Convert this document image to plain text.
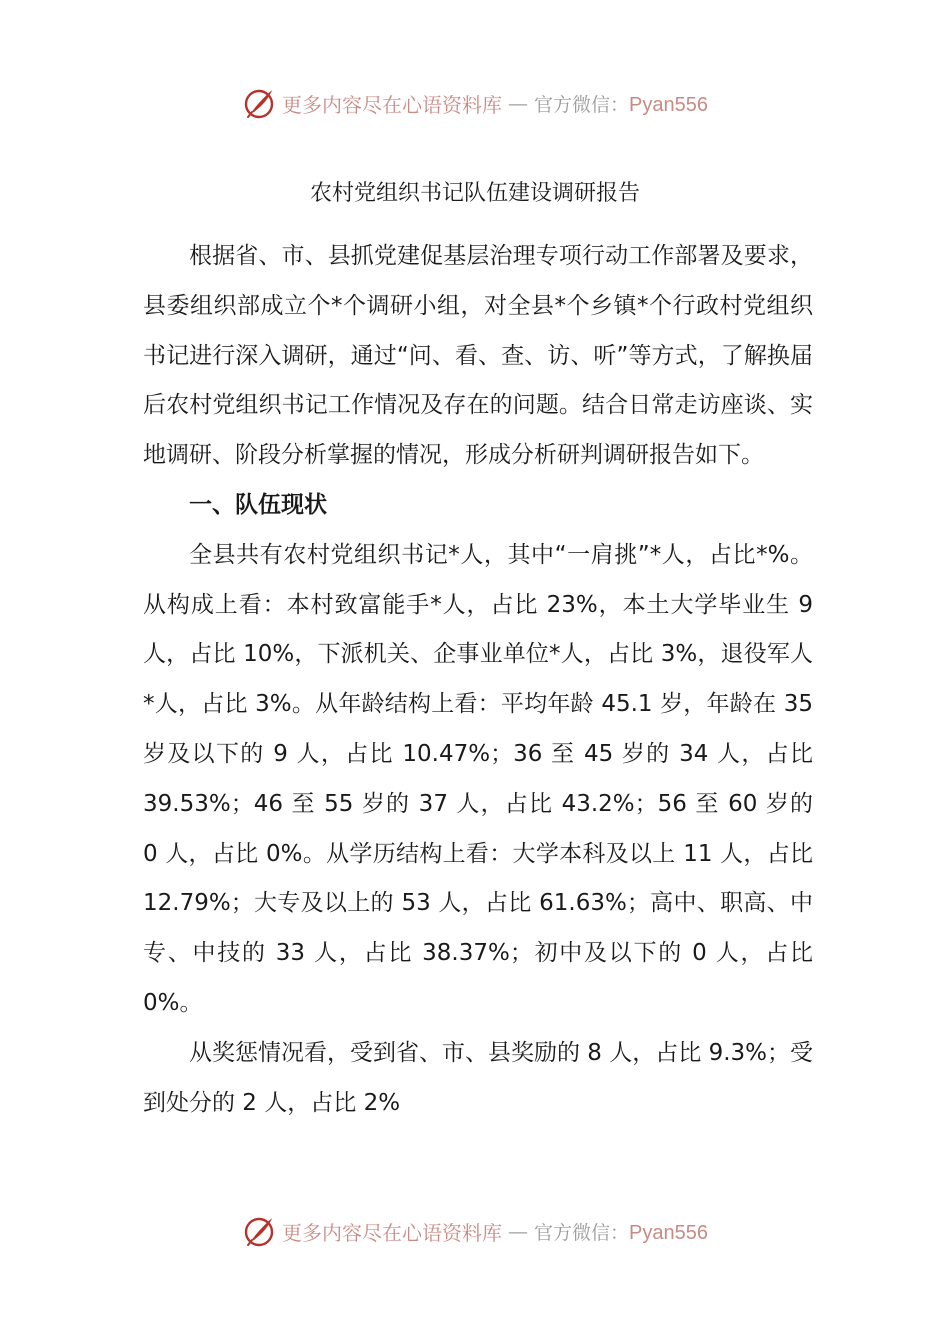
更多内容尽在心语资料库 — 官方微信：Pyan556
农村党组织书记队伍建设调研报告

根据省、市、县抓党建促基层治理专项行动工作部署及要求，县委组织部成立个*个调研小组，对全县*个乡镇*个行政村党组织书记进行深入调研，通过“问、看、查、访、听”等方式，了解换届后农村党组织书记工作情况及存在的问题。结合日常走访座谈、实地调研、阶段分析掌握的情况，形成分析研判调研报告如下。

一、队伍现状

全县共有农村党组织书记*人，其中“一肩挑”*人，占比*%。从构成上看：本村致富能手*人，占比 23%，本土大学毕业生 9 人，占比 10%，下派机关、企事业单位*人，占比 3%，退役军人*人，占比 3%。从年龄结构上看：平均年龄 45.1 岁，年龄在 35 岁及以下的 9 人，占比 10.47%；36 至 45 岁的 34 人，占比 39.53%；46 至 55 岁的 37 人，占比 43.2%；56 至 60 岁的 0 人，占比 0%。从学历结构上看：大学本科及以上 11 人，占比 12.79%；大专及以上的 53 人，占比 61.63%；高中、职高、中专、中技的 33 人，占比 38.37%；初中及以下的 0 人，占比 0%。

从奖惩情况看，受到省、市、县奖励的 8 人，占比 9.3%；受到处分的 2 人，占比 2%

更多内容尽在心语资料库 — 官方微信：Pyan556
